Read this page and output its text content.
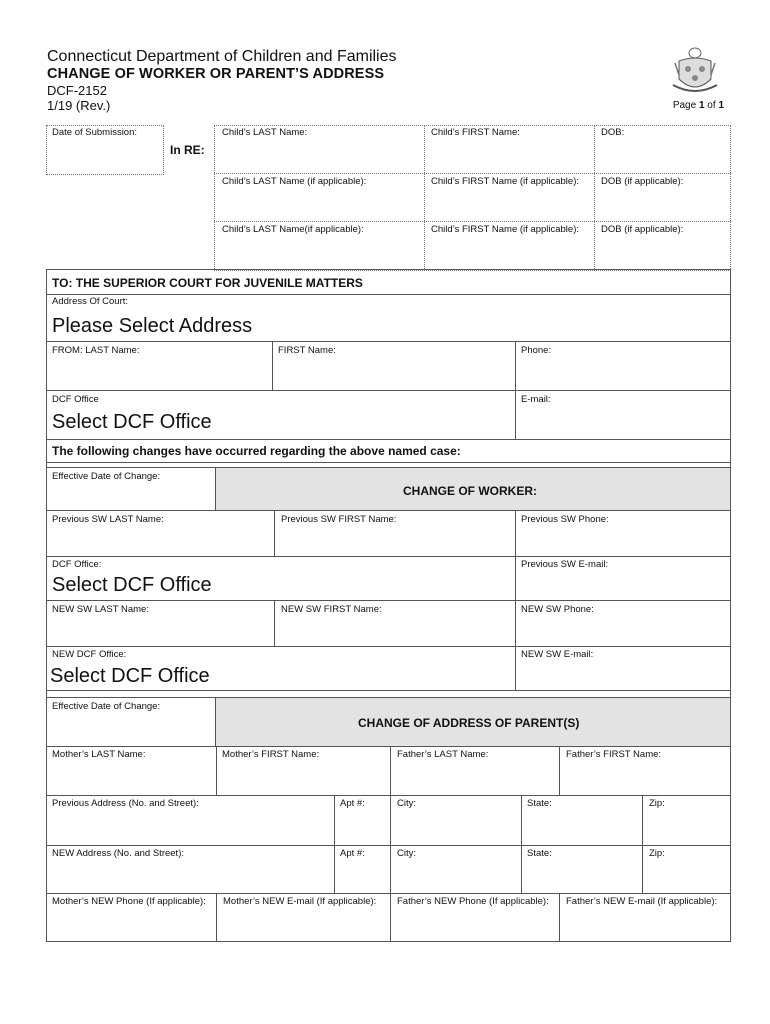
Connecticut Department of Children and Families
CHANGE OF WORKER OR PARENT’S ADDRESS
DCF-2152
1/19 (Rev.)	Page 1 of 1
Date of Submission:
In RE:
Child’s LAST Name:	Child’s FIRST Name:	DOB:
Child’s LAST Name (if applicable):	Child’s FIRST Name (if applicable): DOB (if applicable):
Child’s LAST Name(if applicable):	Child’s FIRST Name (if applicable): DOB (if applicable):
TO: THE SUPERIOR COURT FOR JUVENILE MATTERS
Address Of Court:
Please Select Address
FROM: LAST Name:	FIRST Name:	Phone:
DCF Office
Select DCF Office
E-mail:
The following changes have occurred regarding the above named case:
Effective Date of Change:
CHANGE OF WORKER:
Previous SW LAST Name:	Previous SW FIRST Name:	Previous SW Phone:
DCF Office:
Select DCF Office
Previous SW E-mail:
NEW SW LAST Name:	NEW SW FIRST Name:	NEW SW Phone:
NEW DCF Office:
Select DCF Office
NEW SW E-mail:
Effective Date of Change:
CHANGE OF ADDRESS OF PARENT(S)
Mother’s LAST Name:	Mother’s FIRST Name:	Father’s LAST Name:	Father’s FIRST Name:
Previous Address (No. and Street):	Apt #:	City:	State:	Zip:
NEW Address (No. and Street):	Apt #:	City:	State:	Zip:
Mother’s NEW Phone (If applicable): Mother’s NEW E-mail (If applicable): Father’s NEW Phone (If applicable): Father’s NEW E-mail (If applicable):
